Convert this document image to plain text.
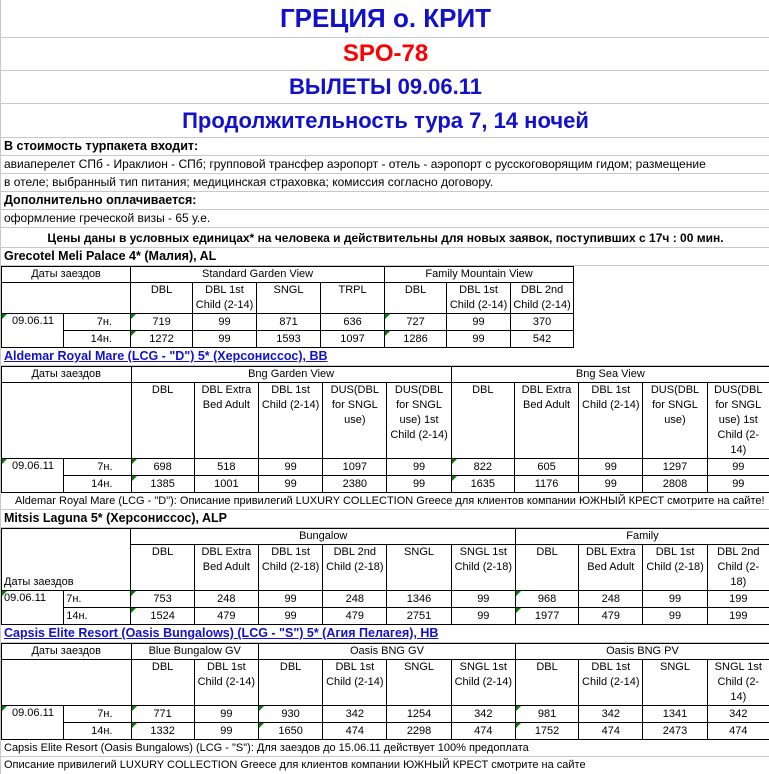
ГРЕЦИЯ о. КРИТ
SPO-78
ВЫЛЕТЫ 09.06.11
Продолжительность тура 7, 14 ночей
В стоимость турпакета входит:
авиаперелет СПб - Ираклион - СПб; групповой трансфер аэропорт - отель - аэропорт с русскоговорящим гидом; размещение
в отеле; выбранный тип питания; медицинская страховка; комиссия согласно договору.
Дополнительно оплачивается:
оформление греческой визы - 65 у.е.
Цены даны в условных единицах* на человека и действительны для новых заявок, поступивших с 17ч : 00 мин.
Grecotel Meli Palace 4* (Малия), AL
Даты заездов		Standard Garden View				Family Mountain View			
		DBL	DBL 1st Child (2-14)	SNGL	TRPL	DBL	DBL 1st Child (2-14)	DBL 2nd Child (2-14)	
09.06.11	7н.	719	99	871	636	727	99	370	
	14н.	1272	99	1593	1097	1286	99	542	
Aldemar Royal Mare (LCG - "D") 5* (Херсониссос), BB
Даты заездов		Bng Garden View					Bng Sea View				
		DBL	DBL Extra Bed Adult	DBL 1st Child (2-14)	DUS(DBL for SNGL use)	DUS(DBL for SNGL use) 1st Child (2-14)	DBL	DBL Extra Bed Adult	DBL 1st Child (2-14)	DUS(DBL for SNGL use)	DUS(DBL for SNGL use) 1st Child (2-14)
09.06.11	7н.	698	518	99	1097	99	822	605	99	1297	99
	14н.	1385	1001	99	2380	99	1635	1176	99	2808	99
Aldemar Royal Mare (LCG - "D"): Описание привилегий LUXURY COLLECTION Greece для клиентов компании ЮЖНЫЙ КРЕСТ смотрите на сайте!
Mitsis Laguna 5* (Херсониссос), ALP
		Bungalow						Family			
Даты заездов		DBL	DBL Extra Bed Adult	DBL 1st Child (2-18)	DBL 2nd Child (2-18)	SNGL	SNGL 1st Child (2-18)	DBL	DBL Extra Bed Adult	DBL 1st Child (2-18)	DBL 2nd Child (2-18)
09.06.11	7н.	753	248	99	248	1346	99	968	248	99	199
	14н.	1524	479	99	479	2751	99	1977	479	99	199
Capsis Elite Resort (Oasis Bungalows) (LCG - "S") 5* (Агия Пелагея), HB
Даты заездов		Blue Bungalow GV		Oasis BNG GV				Oasis BNG PV			
		DBL	DBL 1st Child (2-14)	DBL	DBL 1st Child (2-14)	SNGL	SNGL 1st Child (2-14)	DBL	DBL 1st Child (2-14)	SNGL	SNGL 1st Child (2-14)
09.06.11	7н.	771	99	930	342	1254	342	981	342	1341	342
	14н.	1332	99	1650	474	2298	474	1752	474	2473	474
Capsis Elite Resort (Oasis Bungalows) (LCG - "S"): Для заездов до 15.06.11 действует 100% предоплата
Описание привилегий LUXURY COLLECTION Greece для клиентов компании ЮЖНЫЙ КРЕСТ смотрите на сайте
